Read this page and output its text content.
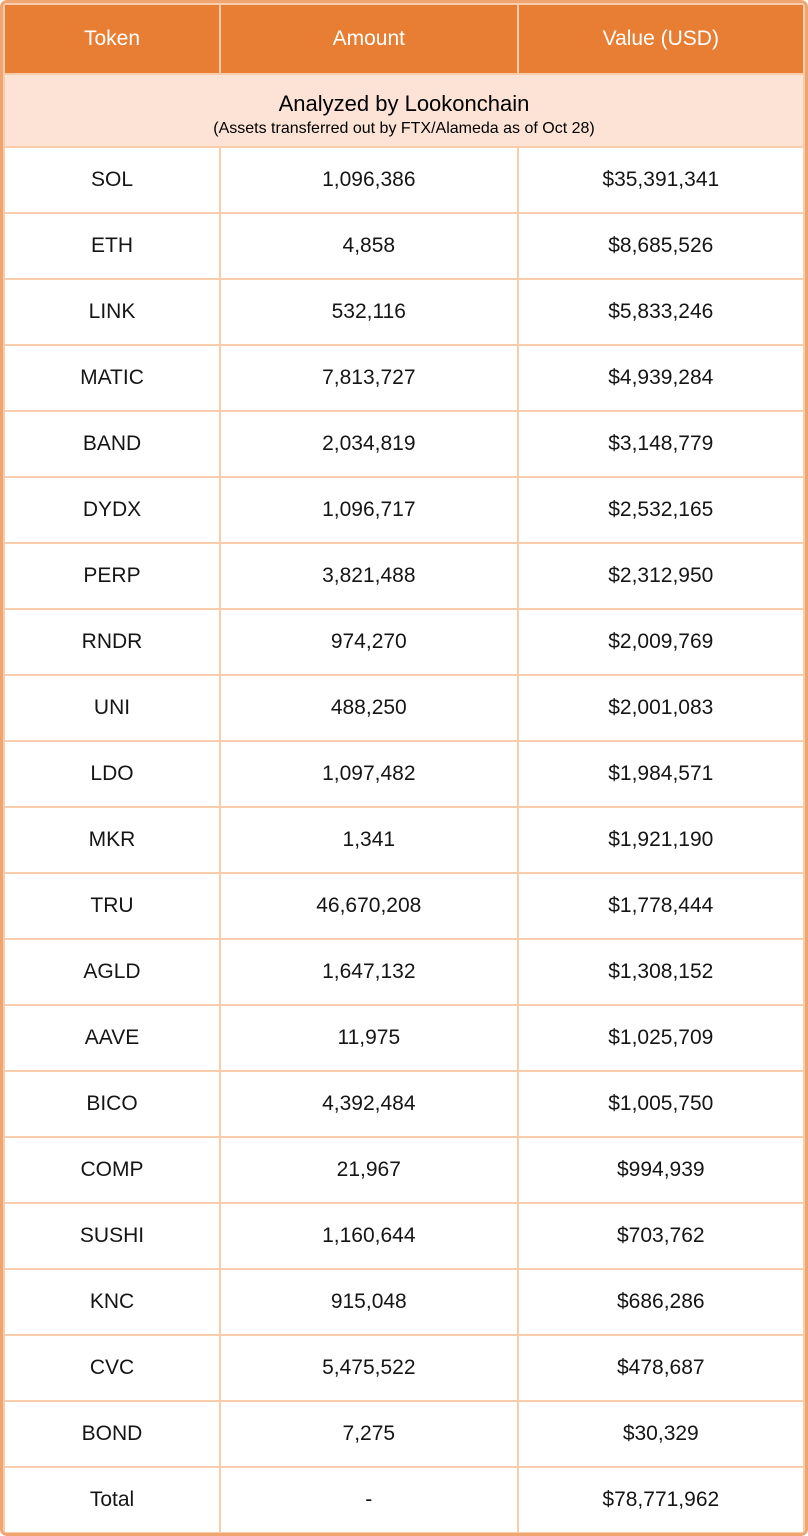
Token	Amount	Value (USD)

Analyzed by Lookonchain
(Assets transferred out by FTX/Alameda as of Oct 28)		

SOL	1,096,386	$35,391,341
ETH	4,858	$8,685,526
LINK	532,116	$5,833,246
MATIC	7,813,727	$4,939,284
BAND	2,034,819	$3,148,779
DYDX	1,096,717	$2,532,165
PERP	3,821,488	$2,312,950
RNDR	974,270	$2,009,769
UNI	488,250	$2,001,083
LDO	1,097,482	$1,984,571
MKR	1,341	$1,921,190
TRU	46,670,208	$1,778,444
AGLD	1,647,132	$1,308,152
AAVE	11,975	$1,025,709
BICO	4,392,484	$1,005,750
COMP	21,967	$994,939
SUSHI	1,160,644	$703,762
KNC	915,048	$686,286
CVC	5,475,522	$478,687
BOND	7,275	$30,329
Total	-	$78,771,962
